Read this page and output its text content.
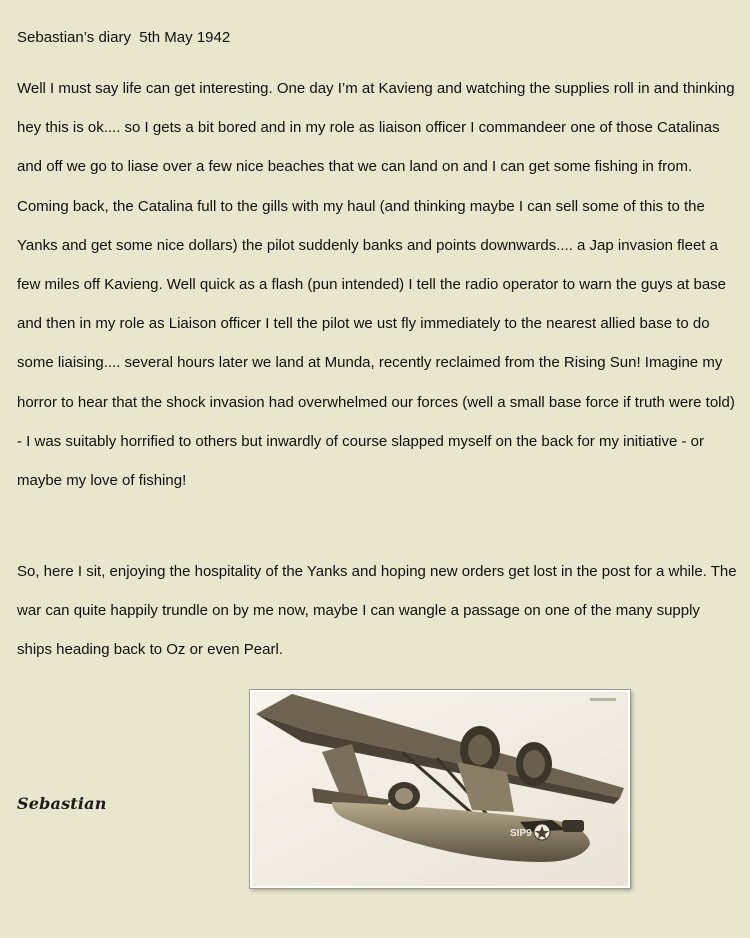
Sebastian’s diary  5th May 1942

Well I must say life can get interesting. One day I’m at Kavieng and watching the supplies roll in and thinking hey this is ok.... so I gets a bit bored and in my role as liaison officer I commandeer one of those Catalinas and off we go to liase over a few nice beaches that we can land on and I can get some fishing in from. Coming back, the Catalina full to the gills with my haul (and thinking maybe I can sell some of this to the Yanks and get some nice dollars) the pilot suddenly banks and points downwards.... a Jap invasion fleet a few miles off Kavieng. Well quick as a flash (pun intended) I tell the radio operator to warn the guys at base and then in my role as Liaison officer I tell the pilot we ust fly immediately to the nearest allied base to do some liaising.... several hours later we land at Munda, recently reclaimed from the Rising Sun! Imagine my horror to hear that the shock invasion had overwhelmed our forces (well a small base force if truth were told) - I was suitably horrified to others but inwardly of course slapped myself on the back for my initiative - or maybe my love of fishing!

So, here I sit, enjoying the hospitality of the Yanks and hoping new orders get lost in the post for a while. The war can quite happily trundle on by me now, maybe I can wangle a passage on one of the many supply ships heading back to Oz or even Pearl.

Sebastian
SIP9
